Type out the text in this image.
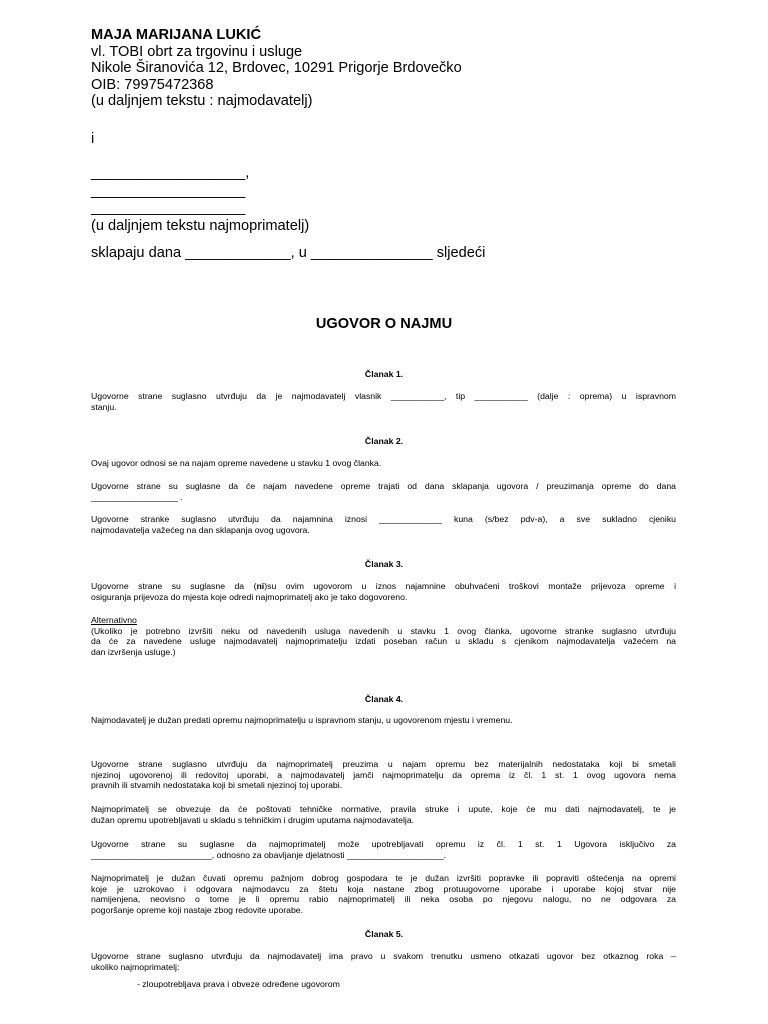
MAJA MARIJANA LUKIĆ
vl. TOBI obrt za trgovinu i usluge
Nikole Širanovića 12, Brdovec, 10291 Prigorje Brdovečko
OIB: 79975472368
(u daljnjem tekstu : najmodavatelj)
i
___________________,
___________________
___________________
(u daljnjem tekstu najmoprimatelj)
sklapaju dana _____________, u _______________ sljedeći
UGOVOR O NAJMU
Članak 1.
Ugovorne strane suglasno utvrđuju da je najmodavatelj vlasnik ___________, tip ___________ (dalje : oprema) u ispravnom
stanju.
Članak 2.
Ovaj ugovor odnosi se na najam opreme navedene u stavku 1 ovog članka.
Ugovorne strane su suglasne da će najam navedene opreme trajati od dana sklapanja ugovora / preuzimanja opreme do dana
__________________ .
Ugovorne stranke suglasno utvrđuju da najamnina iznosi _____________ kuna (s/bez pdv-a), a sve sukladno cjeniku
najmodavatelja važećeg na dan sklapanja ovog ugovora.
Članak 3.
Ugovorne strane su suglasne da (ni)su ovim ugovorom u iznos najamnine obuhvaćeni troškovi montaže prijevoza opreme i
osiguranja prijevoza do mjesta koje odredi najmoprimatelj ako je tako dogovoreno.
Alternativno
(Ukoliko je potrebno izvršiti neku od navedenih usluga navedenih u stavku 1 ovog članka, ugovorne stranke suglasno utvrđuju
da će za navedene usluge najmodavatelj najmoprimatelju izdati poseban račun u skladu s cjenikom najmodavatelja važećem na
dan izvršenja usluge.)
Članak 4.
Najmodavatelj je dužan predati opremu najmoprimatelju u ispravnom stanju, u ugovorenom mjestu i vremenu.
Ugovorne strane suglasno utvrđuju da najmoprimatelj preuzima u najam opremu bez materijalnih nedostataka koji bi smetali
njezinoj ugovorenoj ili redovitoj uporabi, a najmodavatelj jamči najmoprimatelju da oprema iz čl. 1 st. 1 ovog ugovora nema
pravnih ili stvarnih nedostataka koji bi smetali njezinoj toj uporabi.
Najmoprimatelj se obvezuje da će poštovati tehničke normative, pravila struke i upute, koje će mu dati najmodavatelj, te je
dužan opremu upotrebljavati u skladu s tehničkim i drugim uputama najmodavatelja.
Ugovorne strane su suglasne da najmoprimatelj može upotrebljavati opremu iz čl. 1 st. 1 Ugovora isključivo za
_________________________, odnosno za obavljanje djelatnosti ____________________.
Najmoprimatelj je dužan čuvati opremu pažnjom dobrog gospodara te je dužan izvršiti popravke ili popraviti oštećenja na opremi
koje je uzrokovao i odgovara najmodavcu za štetu koja nastane zbog protuugovorne uporabe i uporabe kojoj stvar nije
namijenjena, neovisno o tome je li opremu rabio najmoprimatelj ili neka osoba po njegovu nalogu, no ne odgovara za
pogoršanje opreme koji nastaje zbog redovite uporabe.
Članak 5.
Ugovorne strane suglasno utvrđuju da najmodavatelj ima pravo u svakom trenutku usmeno otkazati ugovor bez otkaznog roka –
ukoliko najmoprimatelj:
- zloupotrebljava prava i obveze određene ugovorom
